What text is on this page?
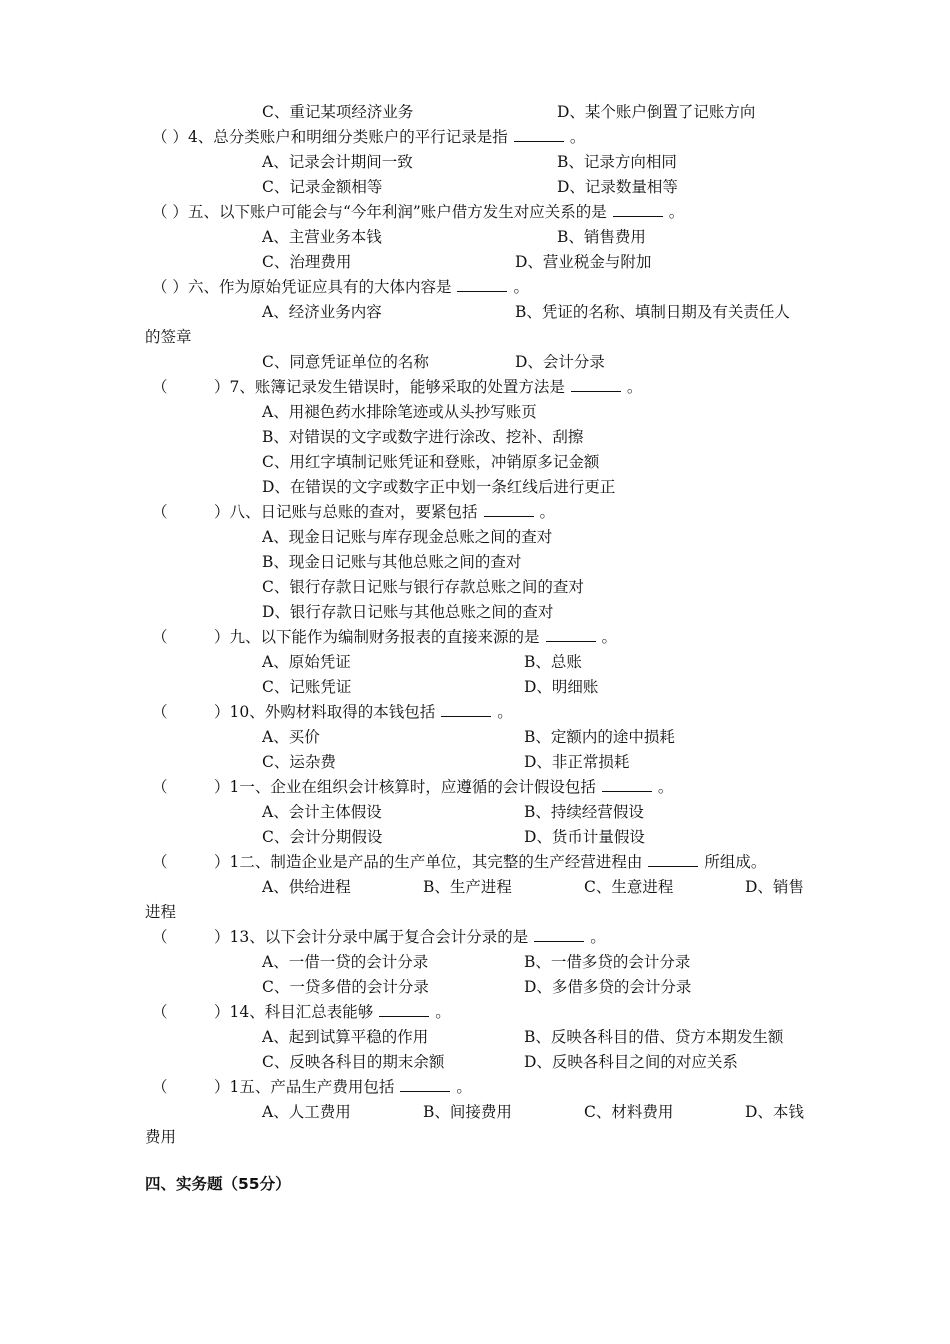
C、重记某项经济业务	D、某个账户倒置了记账方向
（ ）4、总分类账户和明细分类账户的平行记录是指	。
A、记录会计期间一致	B、记录方向相同
C、记录金额相等	D、记录数量相等
（ ）五、以下账户可能会与“今年利润”账户借方发生对应关系的是	。
A、主营业务本钱	B、销售费用
C、治理费用	D、营业税金与附加
（ ）六、作为原始凭证应具有的大体内容是	。
A、经济业务内容	B、凭证的名称、填制日期及有关责任人
的签章
C、同意凭证单位的名称	D、会计分录
（　　　）7、账簿记录发生错误时，能够采取的处置方法是	。
A、用褪色药水排除笔迹或从头抄写账页
B、对错误的文字或数字进行涂改、挖补、刮擦
C、用红字填制记账凭证和登账，冲销原多记金额
D、在错误的文字或数字正中划一条红线后进行更正
（　　　）八、日记账与总账的查对，要紧包括	。
A、现金日记账与库存现金总账之间的查对
B、现金日记账与其他总账之间的查对
C、银行存款日记账与银行存款总账之间的查对
D、银行存款日记账与其他总账之间的查对
（　　　）九、以下能作为编制财务报表的直接来源的是	。
A、原始凭证	B、总账
C、记账凭证	D、明细账
（　　　）10、外购材料取得的本钱包括	。
A、买价	B、定额内的途中损耗
C、运杂费	D、非正常损耗
（　　　）1一、企业在组织会计核算时，应遵循的会计假设包括	。
A、会计主体假设	B、持续经营假设
C、会计分期假设	D、货币计量假设
（　　　）1二、制造企业是产品的生产单位，其完整的生产经营进程由	所组成。
A、供给进程	B、生产进程	C、生意进程	D、销售
进程
（　　　）13、以下会计分录中属于复合会计分录的是	。
A、一借一贷的会计分录	B、一借多贷的会计分录
C、一贷多借的会计分录	D、多借多贷的会计分录
（　　　）14、科目汇总表能够	。
A、起到试算平稳的作用	B、反映各科目的借、贷方本期发生额
C、反映各科目的期末余额	D、反映各科目之间的对应关系
（　　　）1五、产品生产费用包括	。
A、人工费用	B、间接费用	C、材料费用	D、本钱
费用
四、实务题（55分）
